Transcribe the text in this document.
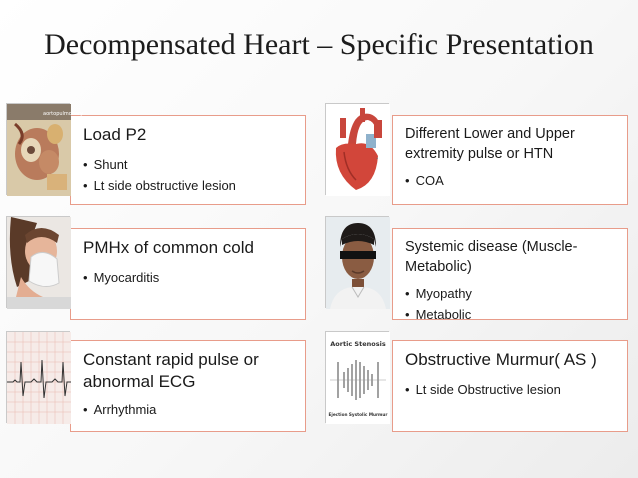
Decompensated Heart – Specific Presentation
Load P2
• Shunt
• Lt side obstructive lesion
aortopulmonary
PMHx of common cold
• Myocarditis
Constant rapid pulse or abnormal ECG
• Arrhythmia
Different Lower and Upper extremity pulse or HTN
• COA
•
Systemic disease (Muscle-Metabolic)
• Myopathy
• Metabolic
Obstructive Murmur( AS )
• Lt side Obstructive lesion
Aortic Stenosis
Ejection Systolic Murmur
